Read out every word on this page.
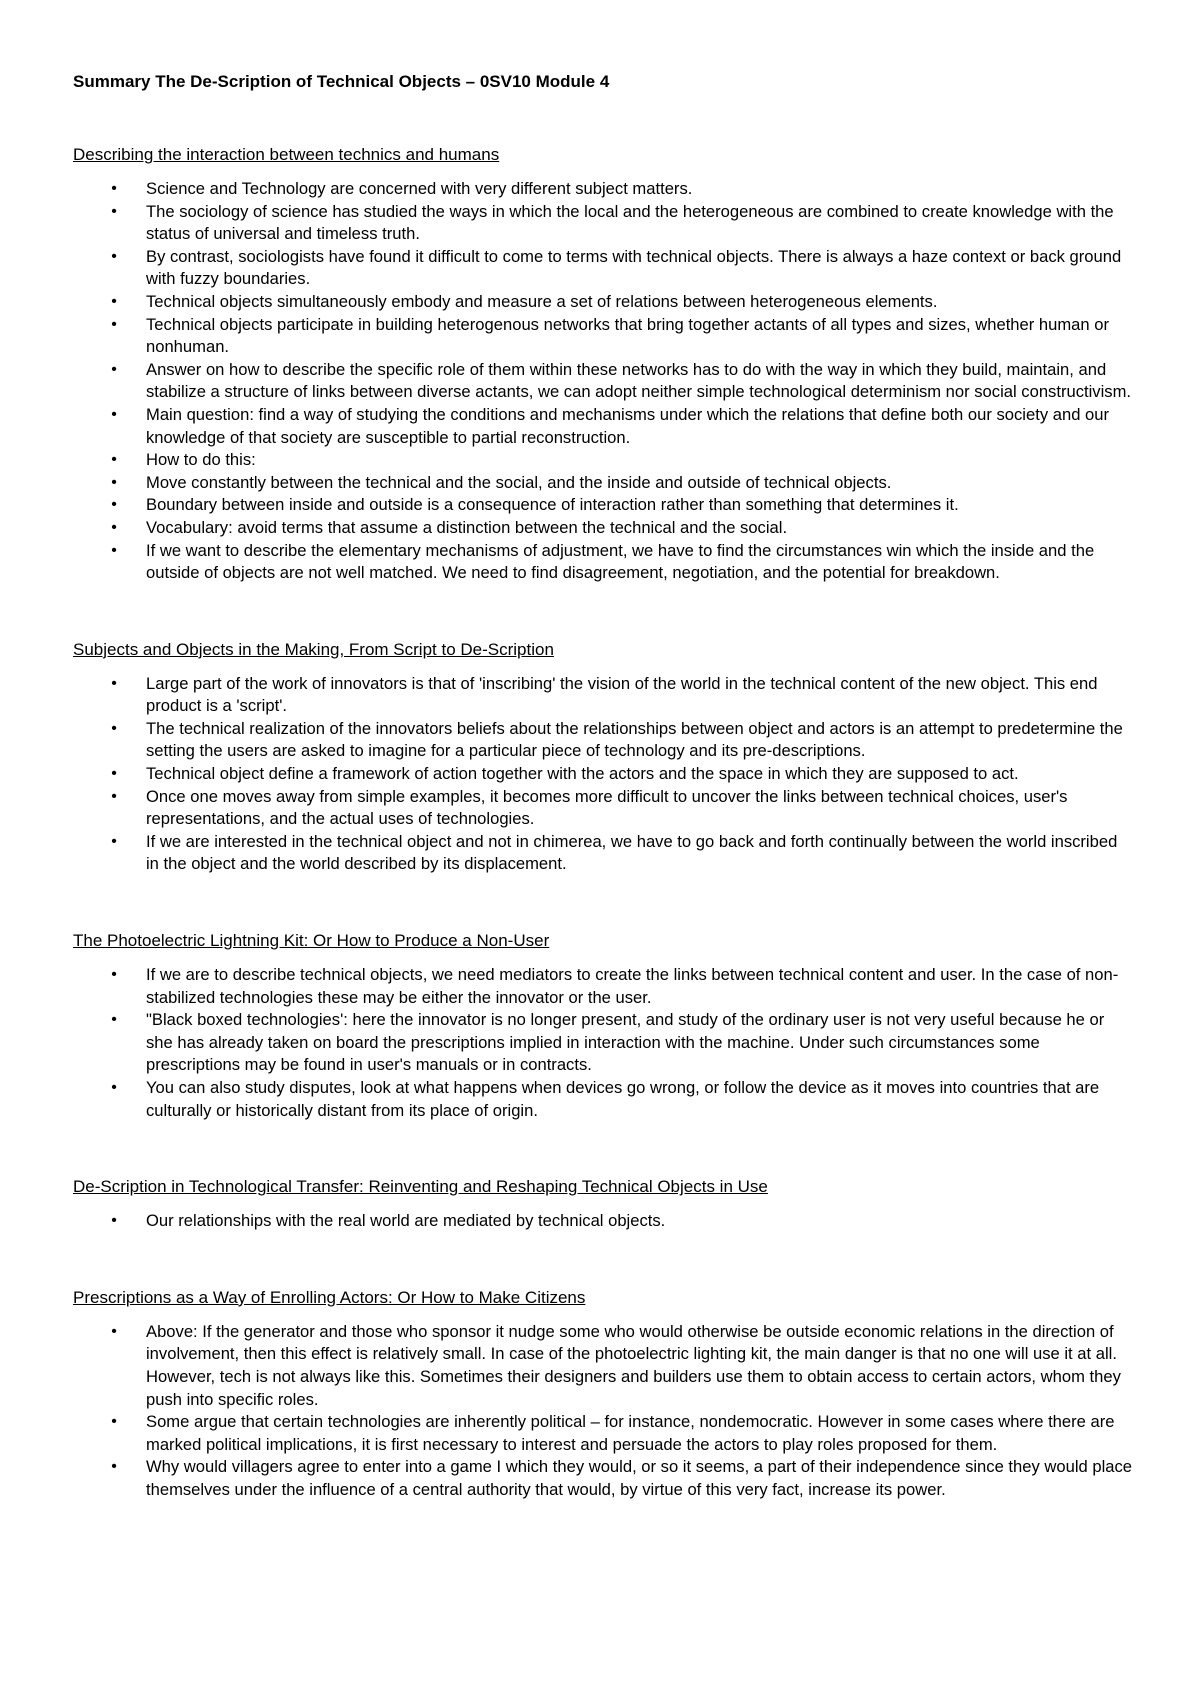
Summary The De-Scription of Technical Objects – 0SV10 Module 4
Describing the interaction between technics and humans
• Science and Technology are concerned with very different subject matters.
• The sociology of science has studied the ways in which the local and the heterogeneous are combined to create knowledge with the status of universal and timeless truth.
• By contrast, sociologists have found it difficult to come to terms with technical objects. There is always a haze context or back ground with fuzzy boundaries.
• Technical objects simultaneously embody and measure a set of relations between heterogeneous elements.
• Technical objects participate in building heterogenous networks that bring together actants of all types and sizes, whether human or nonhuman.
• Answer on how to describe the specific role of them within these networks has to do with the way in which they build, maintain, and stabilize a structure of links between diverse actants, we can adopt neither simple technological determinism nor social constructivism.
• Main question: find a way of studying the conditions and mechanisms under which the relations that define both our society and our knowledge of that society are susceptible to partial reconstruction.
• How to do this:
• Move constantly between the technical and the social, and the inside and outside of technical objects.
• Boundary between inside and outside is a consequence of interaction rather than something that determines it.
• Vocabulary: avoid terms that assume a distinction between the technical and the social.
• If we want to describe the elementary mechanisms of adjustment, we have to find the circumstances win which the inside and the outside of objects are not well matched. We need to find disagreement, negotiation, and the potential for breakdown.
Subjects and Objects in the Making, From Script to De-Scription
• Large part of the work of innovators is that of 'inscribing' the vision of the world in the technical content of the new object. This end product is a 'script'.
• The technical realization of the innovators beliefs about the relationships between object and actors is an attempt to predetermine the setting the users are asked to imagine for a particular piece of technology and its pre-descriptions.
• Technical object define a framework of action together with the actors and the space in which they are supposed to act.
• Once one moves away from simple examples, it becomes more difficult to uncover the links between technical choices, user's representations, and the actual uses of technologies.
• If we are interested in the technical object and not in chimerea, we have to go back and forth continually between the world inscribed in the object and the world described by its displacement.
The Photoelectric Lightning Kit: Or How to Produce a Non-User
• If we are to describe technical objects, we need mediators to create the links between technical content and user. In the case of non-stabilized technologies these may be either the innovator or the user.
• "Black boxed technologies': here the innovator is no longer present, and study of the ordinary user is not very useful because he or she has already taken on board the prescriptions implied in interaction with the machine. Under such circumstances some prescriptions may be found in user's manuals or in contracts.
• You can also study disputes, look at what happens when devices go wrong, or follow the device as it moves into countries that are culturally or historically distant from its place of origin.
De-Scription in Technological Transfer: Reinventing and Reshaping Technical Objects in Use
• Our relationships with the real world are mediated by technical objects.
Prescriptions as a Way of Enrolling Actors: Or How to Make Citizens
• Above: If the generator and those who sponsor it nudge some who would otherwise be outside economic relations in the direction of involvement, then this effect is relatively small. In case of the photoelectric lighting kit, the main danger is that no one will use it at all. However, tech is not always like this. Sometimes their designers and builders use them to obtain access to certain actors, whom they push into specific roles.
• Some argue that certain technologies are inherently political – for instance, nondemocratic. However in some cases where there are marked political implications, it is first necessary to interest and persuade the actors to play roles proposed for them.
• Why would villagers agree to enter into a game I which they would, or so it seems, a part of their independence since they would place themselves under the influence of a central authority that would, by virtue of this very fact, increase its power.
